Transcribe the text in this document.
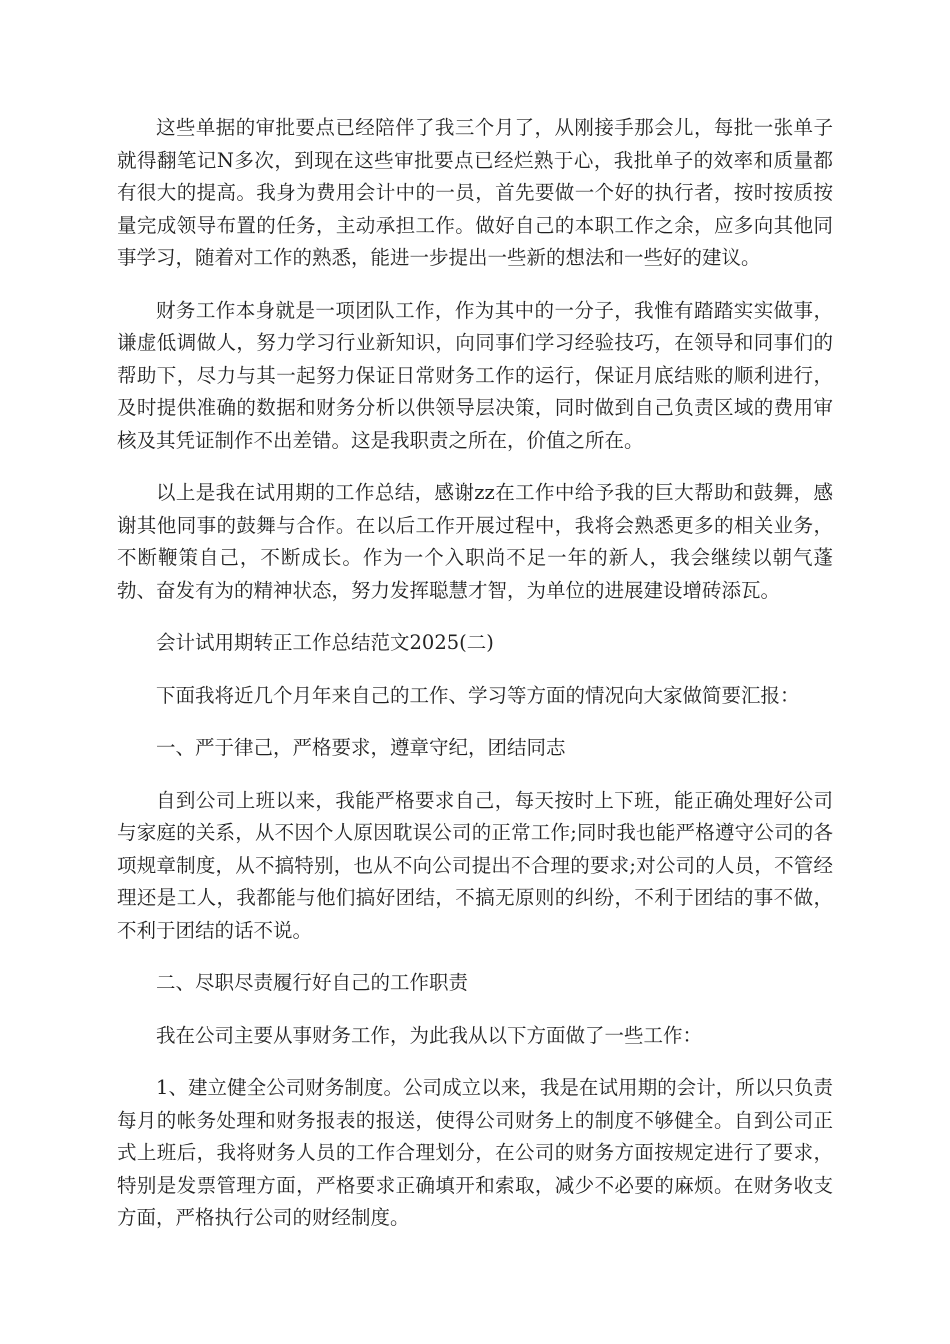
这些单据的审批要点已经陪伴了我三个月了，从刚接手那会儿，每批一张单子就得翻笔记N多次，到现在这些审批要点已经烂熟于心，我批单子的效率和质量都有很大的提高。我身为费用会计中的一员，首先要做一个好的执行者，按时按质按量完成领导布置的任务，主动承担工作。做好自己的本职工作之余，应多向其他同事学习，随着对工作的熟悉，能进一步提出一些新的想法和一些好的建议。

财务工作本身就是一项团队工作，作为其中的一分子，我惟有踏踏实实做事，谦虚低调做人，努力学习行业新知识，向同事们学习经验技巧，在领导和同事们的帮助下，尽力与其一起努力保证日常财务工作的运行，保证月底结账的顺利进行，及时提供准确的数据和财务分析以供领导层决策，同时做到自己负责区域的费用审核及其凭证制作不出差错。这是我职责之所在，价值之所在。

以上是我在试用期的工作总结，感谢zz在工作中给予我的巨大帮助和鼓舞，感谢其他同事的鼓舞与合作。在以后工作开展过程中，我将会熟悉更多的相关业务，不断鞭策自己，不断成长。作为一个入职尚不足一年的新人，我会继续以朝气蓬勃、奋发有为的精神状态，努力发挥聪慧才智，为单位的进展建设增砖添瓦。

会计试用期转正工作总结范文2025(二)

下面我将近几个月年来自己的工作、学习等方面的情况向大家做简要汇报：

一、严于律己，严格要求，遵章守纪，团结同志

自到公司上班以来，我能严格要求自己，每天按时上下班，能正确处理好公司与家庭的关系，从不因个人原因耽误公司的正常工作;同时我也能严格遵守公司的各项规章制度，从不搞特别，也从不向公司提出不合理的要求;对公司的人员，不管经理还是工人，我都能与他们搞好团结，不搞无原则的纠纷，不利于团结的事不做，不利于团结的话不说。

二、尽职尽责履行好自己的工作职责

我在公司主要从事财务工作，为此我从以下方面做了一些工作：

1、建立健全公司财务制度。公司成立以来，我是在试用期的会计，所以只负责每月的帐务处理和财务报表的报送，使得公司财务上的制度不够健全。自到公司正式上班后，我将财务人员的工作合理划分，在公司的财务方面按规定进行了要求，特别是发票管理方面，严格要求正确填开和索取，减少不必要的麻烦。在财务收支方面，严格执行公司的财经制度。
